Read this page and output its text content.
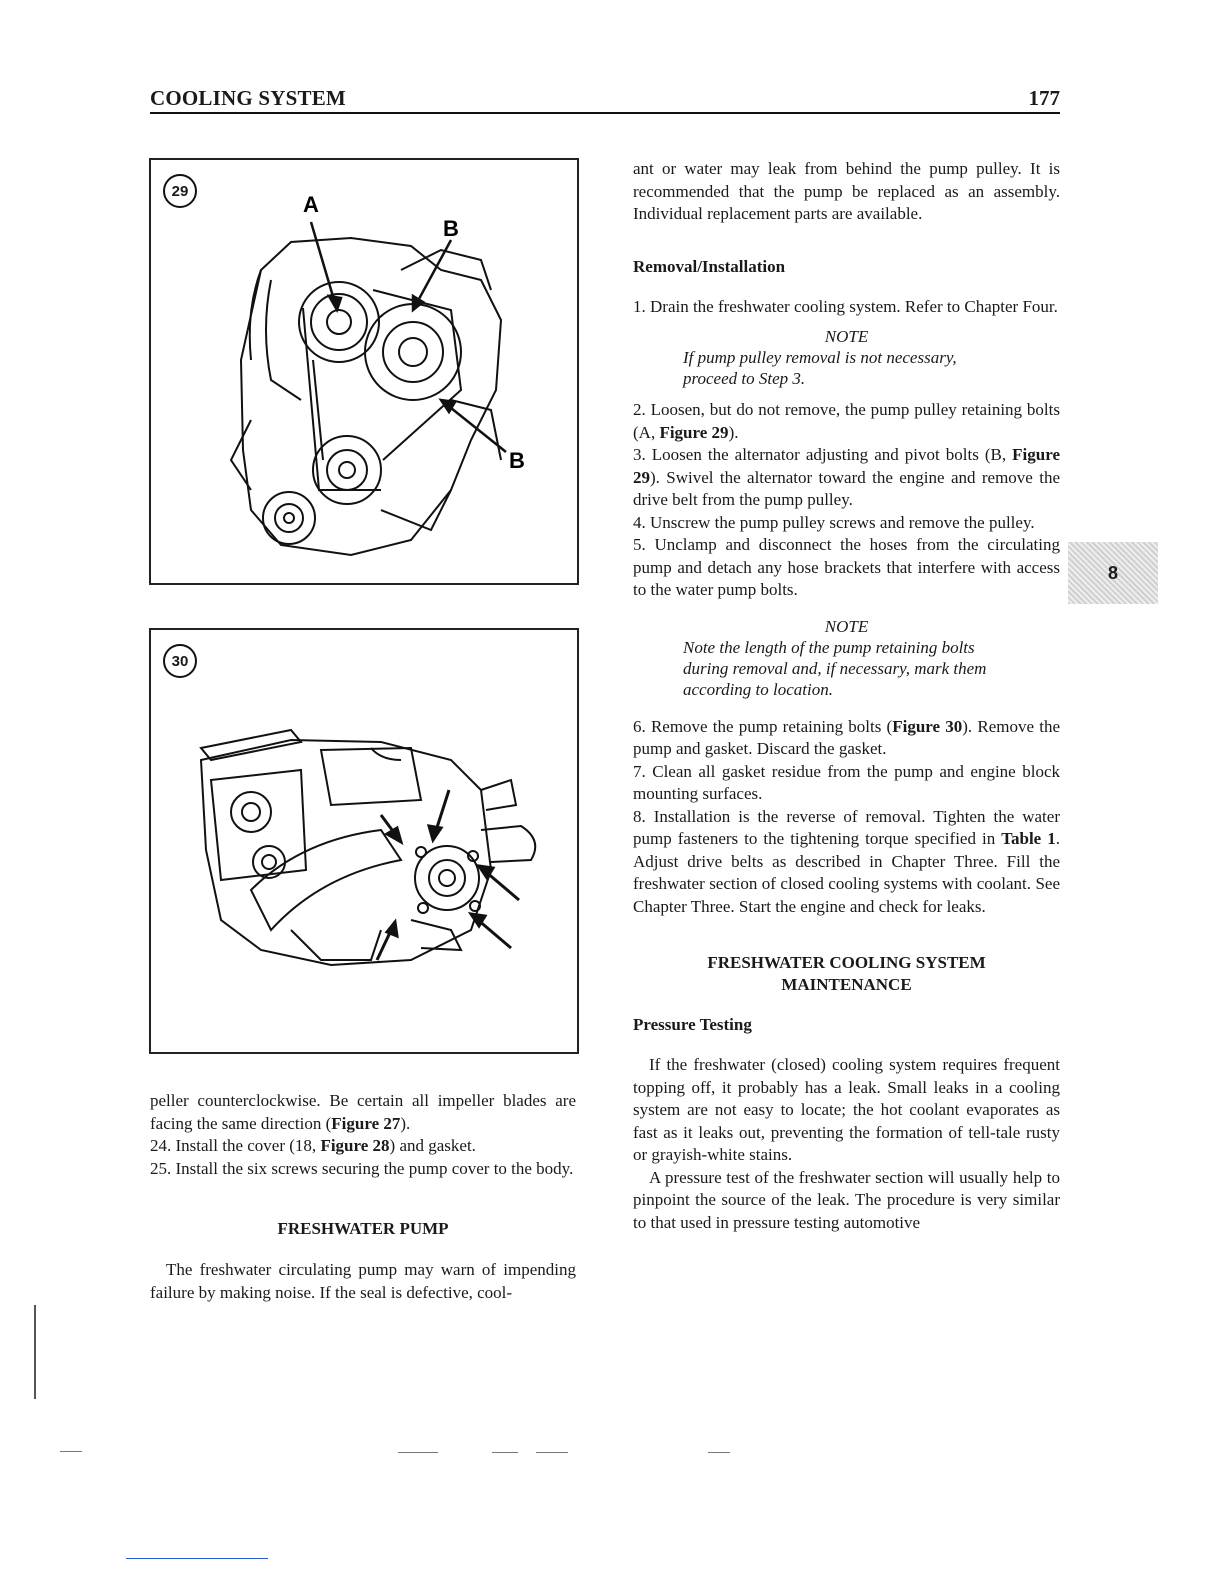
COOLING SYSTEM	177
29
A
B
B
30

peller counterclockwise. Be certain all impeller blades are facing the same direction (Figure 27).

24. Install the cover (18, Figure 28) and gasket.

25. Install the six screws securing the pump cover to the body.

FRESHWATER PUMP

The freshwater circulating pump may warn of impending failure by making noise. If the seal is defective, cool-

ant or water may leak from behind the pump pulley. It is recommended that the pump be replaced as an assembly. Individual replacement parts are available.

Removal/Installation

1. Drain the freshwater cooling system. Refer to Chapter Four.

NOTE
If pump pulley removal is not necessary, proceed to Step 3.

2. Loosen, but do not remove, the pump pulley retaining bolts (A, Figure 29).

3. Loosen the alternator adjusting and pivot bolts (B, Figure 29). Swivel the alternator toward the engine and remove the drive belt from the pump pulley.

4. Unscrew the pump pulley screws and remove the pulley.

5. Unclamp and disconnect the hoses from the circulating pump and detach any hose brackets that interfere with access to the water pump bolts.

NOTE
Note the length of the pump retaining bolts during removal and, if necessary, mark them according to location.

6. Remove the pump retaining bolts (Figure 30). Remove the pump and gasket. Discard the gasket.

7. Clean all gasket residue from the pump and engine block mounting surfaces.

8. Installation is the reverse of removal. Tighten the water pump fasteners to the tightening torque specified in Table 1. Adjust drive belts as described in Chapter Three. Fill the freshwater section of closed cooling systems with coolant. See Chapter Three. Start the engine and check for leaks.

FRESHWATER COOLING SYSTEM
MAINTENANCE
Pressure Testing

If the freshwater (closed) cooling system requires frequent topping off, it probably has a leak. Small leaks in a cooling system are not easy to locate; the hot coolant evaporates as fast as it leaks out, preventing the formation of tell-tale rusty or grayish-white stains.

A pressure test of the freshwater section will usually help to pinpoint the source of the leak. The procedure is very similar to that used in pressure testing automotive

8
